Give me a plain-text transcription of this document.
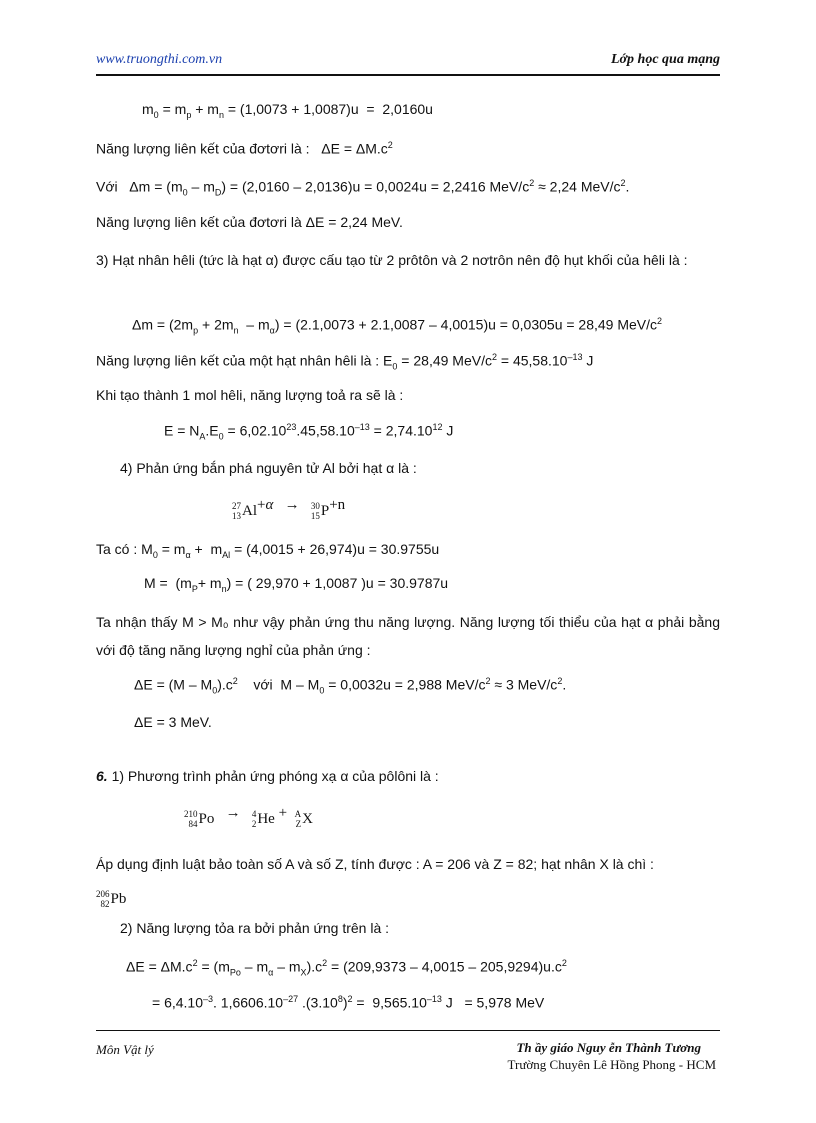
www.truongthi.com.vn	Lớp học qua mạng
$m_0 = m_p + m_n = (1,0073 + 1,0087)u = 2,0160u$
Năng lượng liên kết của đơtơri là :   $\Delta E = \Delta M.c^2$
Với   $\Delta m = (m_0 - m_D) = (2,0160 - 2,0136)u = 0,0024u = 2,2416$ MeV/$c^2 \approx 2,24$ MeV/$c^2$.
Năng lượng liên kết của đơtơri là ΔE = 2,24 MeV.
3) Hạt nhân hêli (tức là hạt α) được cấu tạo từ 2 prôtôn và 2 nơtrôn nên độ hụt khối của hêli là :
$\Delta m = (2m_p + 2m_n - m_\alpha) = (2.1,0073 + 2.1,0087 - 4,0015)u = 0,0305u = 28,49$ MeV/$c^2$
Năng lượng liên kết của một hạt nhân hêli là : $E_0 = 28,49$ MeV/$c^2 = 45,58.10^{-13}$ J
Khi tạo thành 1 mol hêli, năng lượng toả ra sẽ là :
$E = N_A.E_0 = 6,02.10^{23}.45,58.10^{-13} = 2,74.10^{12}$ J
4) Phản ứng bắn phá nguyên tử Al bởi hạt α là :
27
13 Al +α   → 30
15 P +n
Ta có : $M_0 = m_\alpha + m_{Al} = (4,0015 + 26,974)u = 30.9755u$
$M = (m_P+ m_n)$ = ( 29,970 + 1,0087 )u = 30.9787u
Ta nhận thấy M > M₀ như vậy phản ứng thu năng lượng. Năng lượng tối thiểu của hạt α phải bằng với độ tăng năng lượng nghỉ của phản ứng :
$\Delta E = (M - M_0).c^2$ với  $M - M_0 = 0,0032u = 2,988$ MeV/$c^2 \approx 3$ MeV/$c^2$.
ΔE = 3 MeV.
6. 1) Phương trình phản ứng phóng xạ α của pôlôni là :
210
84 Po → 4
2 He + A
Z X
Áp dụng định luật bảo toàn số A và số Z, tính được : A = 206 và Z = 82; hạt nhân X là chì :

206
82 Pb
2) Năng lượng tỏa ra bởi phản ứng trên là :
$\Delta E = \Delta M.c^2 = (m_{Po} - m_\alpha - m_X).c^2 = (209,9373 - 4,0015 - 205,9294)u.c^2$
= $6,4.10^{-3}$. $1,6606.10^{-27}$ $.(3.10^8)^2 = 9,565.10^{-13}$ J   = 5,978 MeV
Môn Vật lý	Th ầy giáo Nguy ễn Thành Tương
Trường Chuyên Lê Hồng Phong - HCM
